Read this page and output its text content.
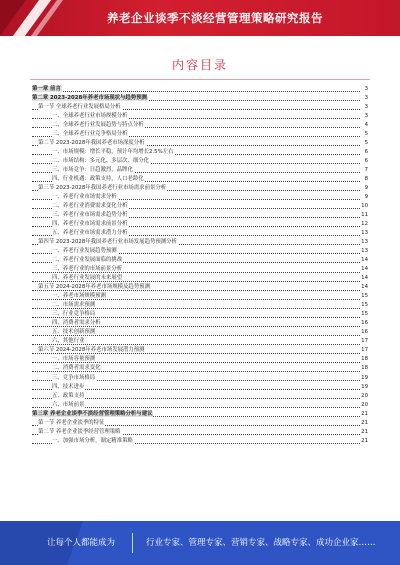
养老企业谈季不淡经营管理策略研究报告
内容目录
第一章 前言	3
第二章 2023-2028年养老市场现状与趋势预测	3
第一节 全球养老行业发展格局分析	3
一、全球养老行业市场规模分析	3
二、全球养老行业发展趋势与特点分析	4
三、全球养老行业竞争格局分析	5
第二节 2023-2028年我国养老市场深度分析	5
一、市场规模：增长平稳，预计年均增长2.5%左右	6
二、市场结构：多元化、多层次、细分化	6
三、市场竞争：日趋激烈，品牌化	7
四、行业机遇：政策支持，人口老龄化	8
第三节 2023-2028年我国养老行业市场需求前景分析	9
一、养老行业市场需求分析	9
二、养老行业消费需求变化分析	10
三、养老行业市场需求趋势分析	11
四、养老行业市场需求前景分析	12
五、养老行业市场需求潜力分析	13
第四节 2023-2028年我国养老行业市场发展趋势预测分析	13
一、养老行业发展趋势预测	13
二、养老行业发展面临的挑战	14
三、养老行业的市场前景分析	14
四、养老行业发展的未来展望	14
第五节 2024-2028年养老市场规模及趋势预测	14
一、养老市场规模预测	15
二、市场需求预测	15
三、行业竞争格局	15
四、消费者需求分析	16
五、技术创新预测	16
六、其他行业	17
第六节 2024-2028年养老市场发展潜力预测	17
一、市场容量预测	18
二、消费者需求变化	18
三、竞争市场格局	19
四、技术进步	19
五、政策支持	20
六、市场前景	20
第三章 养老企业谈季不淡经营管理策略分析与建议	21
第一节 养老企业淡季的特征	21
第二节 养老企业淡季经营管理策略	21
一、加强市场分析，制定精准策略	21
让每个人都能成为	行业专家、管理专家、营销专家、战略专家、成功企业家……
